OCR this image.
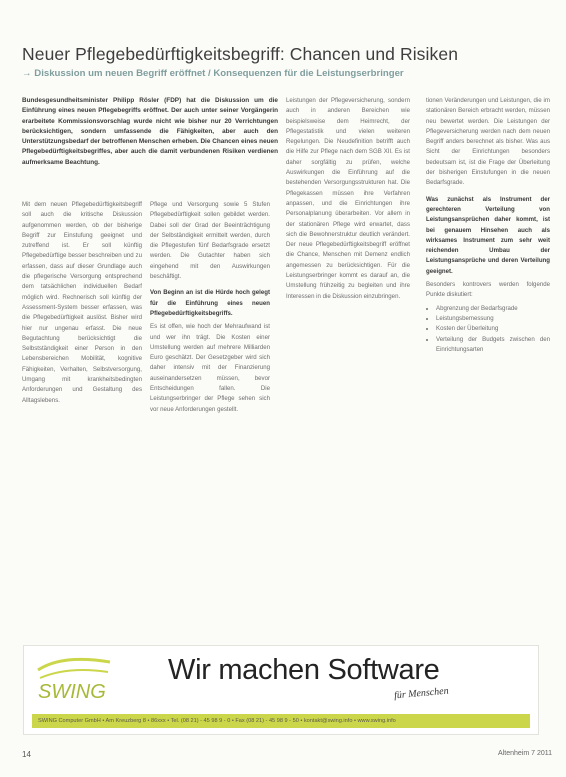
Neuer Pflegebedürftigkeitsbegriff: Chancen und Risiken
→ Diskussion um neuen Begriff eröffnet / Konsequenzen für die Leistungserbringer
Bundesgesundheitsminister Philipp Rösler (FDP) hat die Diskussion um die Einführung eines neuen Pflegebegriffs eröffnet. Der auch unter seiner Vorgängerin erarbeitete Kommissionsvorschlag wurde nicht wie bisher nur 20 Verrichtungen berücksichtigen, sondern umfassende die Fähigkeiten, aber auch den Unterstützungsbedarf der betroffenen Menschen erheben. Die Chancen eines neuen Pflegebedürftigkeitsbegriffes, aber auch die damit verbundenen Risiken verdienen aufmerksame Beachtung.

Mit dem neuen Pflegebedürftigkeitsbegriff soll auch die kritische Diskussion aufgenommen werden, ob der bisherige Begriff zur Einstufung geeignet und zutreffend ist. Er soll künftig Pflegebedürftige besser beschreiben und zu erfassen, dass auf dieser Grundlage auch die pflegerische Versorgung entsprechend dem tatsächlichen individuellen Bedarf möglich wird. Rechnerisch soll künftig der Assessment-System besser erfassen, was die Pflegebedürftigkeit auslöst. Bisher wird hier nur ungenau erfasst. Die neue Begutachtung berücksichtigt die Selbstständigkeit einer Person in den Lebensbereichen Mobilität, kognitive Fähigkeiten, Verhalten, Selbstversorgung, Umgang mit krankheitsbedingten Anforderungen und Gestaltung des Alltagslebens.

Pflege und Versorgung sowie 5 Stufen Pflegebedürftigkeit sollen gebildet werden. Dabei soll der Grad der Beeinträchtigung der Selbständigkeit ermittelt werden, durch die Pflegestufen fünf Bedarfsgrade ersetzt werden. Die Gutachter haben sich eingehend mit den Auswirkungen beschäftigt.

Von Beginn an ist die Hürde hoch gelegt für die Einführung eines neuen Pflegebedürftigkeitsbegriffs.

Es ist offen, wie hoch der Mehraufwand ist und wer ihn trägt. Die Kosten einer Umstellung werden auf mehrere Milliarden Euro geschätzt. Der Gesetzgeber wird sich daher intensiv mit der Finanzierung auseinandersetzen müssen, bevor Entscheidungen fallen. Die Leistungserbringer der Pflege sehen sich vor neue Anforderungen gestellt.

Leistungen der Pflegeversicherung, sondern auch in anderen Bereichen wie beispielsweise dem Heimrecht, der Pflegestatistik und vielen weiteren Regelungen. Die Neudefinition betrifft auch die Hilfe zur Pflege nach dem SGB XII. Es ist daher sorgfältig zu prüfen, welche Auswirkungen die Einführung auf die bestehenden Versorgungsstrukturen hat. Die Pflegekassen müssen ihre Verfahren anpassen, und die Einrichtungen ihre Personalplanung überarbeiten. Vor allem in der stationären Pflege wird erwartet, dass sich die Bewohnerstruktur deutlich verändert. Der neue Pflegebedürftigkeitsbegriff eröffnet die Chance, Menschen mit Demenz endlich angemessen zu berücksichtigen. Für die Leistungserbringer kommt es darauf an, die Umstellung frühzeitig zu begleiten und ihre Interessen in die Diskussion einzubringen.

tionen Veränderungen und Leistungen, die im stationären Bereich erbracht werden, müssen neu bewertet werden. Die Leistungen der Pflegeversicherung werden nach dem neuen Begriff anders berechnet als bisher. Was aus Sicht der Einrichtungen besonders bedeutsam ist, ist die Frage der Überleitung der bisherigen Einstufungen in die neuen Bedarfsgrade.

Was zunächst als Instrument der gerechteren Verteilung von Leistungsansprüchen daher kommt, ist bei genauem Hinsehen auch als wirksames Instrument zum sehr weit reichenden Umbau der Leistungsansprüche und deren Verteilung geeignet.

Besonders kontrovers werden folgende Punkte diskutiert:

• Abgrenzung der Bedarfsgrade
• Leistungsbemessung
• Kosten der Überleitung
• Verteilung der Budgets zwischen den Einrichtungsarten
SWING
Wir machen Software
für Menschen
SWING Computer GmbH • Am Kreuzberg 8 • 86xxx • Tel. (08 21) - 45 98 9 - 0 • Fax (08 21) - 45 98 9 - 50 • kontakt@swing.info • www.swing.info
14	Altenheim 7 2011
